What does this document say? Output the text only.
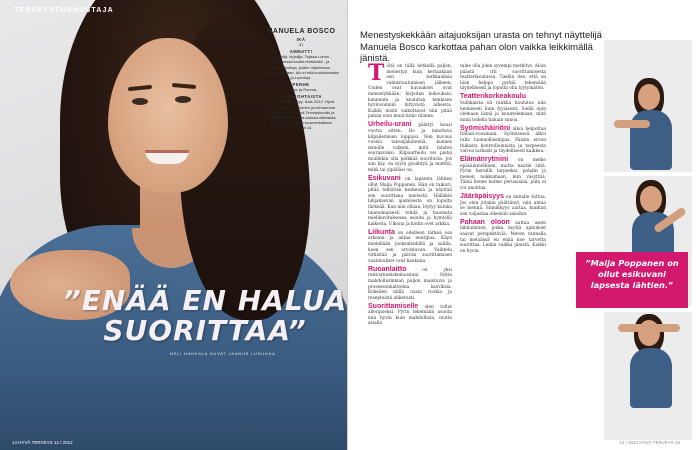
TERVEYSTUNNUSTAJA
MANUELA BOSCO
IKÄ
31
AMMATTI
Näyttelijä, kirjailija. Tajissa Lumin -yrityksessä kautta tehtävistä - ja energiahoitoja, joiden ohjelmissa, Juokseluskuvaan. Alo ei edä kouluttamaksi ja Luentoja.
PERHE
Puoliso ja Rooma.
AJANKOHTAISTA
Murtovomaksi Yöyy, Ikuis 2012. Hyvä tervey - tahden vanomen ja kehuamme. Oivallusten kehittävä Terveyskonttu ja Nämäpatu Metsuketta kanssa elämasta-kosmos kuvamaan suomenkattava 21.10.kla 14.
”ENÄÄ EN HALUA SUORITTAA”
NELI HAHKALA KUVAT JAANUS LUSUHAA
14 HYVÄ TERVEYS 12 / 2012
Menestyskekkään aitajuoksijan urasta on tehnyt näyttelijä Manuela Bosco karkottaa pahan olon vaikka leikkimällä jänistä.

Töitä on tällä hetkellä paljon, menestyä kuin kertaakaan sen terkkauksia valmistautumisen jälkeen. Uuden ovat kuvaukset ovat menestykkään, kirjoitan kokouksia, kannenin ja koulutan henkisen hyvinvoinnin liittyvistä aiheista. Kaikki niistä vaikuttavat niin pitää pahan olon muut koko tilanne.

Urheilu-urani päättyi kuusi vuotta sitten. Ho ja innoltava kilpailemisen loppuisi. Tein kuvaus vuosia tanssijakäteenä, kunnes minulle valkeni, mitä tahdon seuraavaksi. Kilpaurheilu vei paitsi muillekin olla pelkkää suoritusta. Jos siin käy, on syytä pysähtyä ja miettiä, mikä tai ylpälläsi on.

Esikuvani on lapsesta lähtien ollut Maija Poppanen. Hän on taikuri, pitää tehtävän keskeisiä ja näyttää sen suorittanu mielestä. Hälläkin lahjakasvan ajamisesta on lopulta tärkeää. Kun niin ollaan, löytyy kuinka taianomaisesti tehdä ja huomata mielikuvituksessa asioita ja hymyillä kaikesta. Ulkona ja kodin ovet arkkia.

Liikunta on edelleen tärkeä osa arkeani ja antaa energiaa. Käyn mielellään juoksulenkillä ja salilla, koen sen arvostavan. Vaihtelu virkistää ja päivän suorittamisen vaatimukset ovat kaukana.

Ruoanlaitto	on yksi rentoutumiskeinoistani. Sykin mahdollisimman paljon maistuvia ja prosessoimattomia kasviksia. Kokeilen niillä uusia ruokia ja resepteistä ahkerasti.

Suorittamiselle olen tullut allergiseksi. Pyrin tekemään asioita niin hyvin kuin mahdollista, mutta asialla

tulee olla jokin syvempi merkitys. Aloin päästä irti suorittamisesta teatterikoulussa. Tiedän itse, että on liian helppo pyrkiä tekemään täydellisesti ja lopulta olla tyytymätön.

Teatterikorkeakoulu Suihkaista oli rankka koulutus niin henkisesti kuin fyysisesti. Siellä opin olemaan läsnä ja kuuntelemaan, mitä minä todella haluan sanoa.

Syömishäiriöni alkoi helpottaa Italian-vuosinani. Syömisessä alkoi tulla luonnollisempaa. Pääsin eroon tiukasta kontrolloinnista ja tarpeesta valvoa tarkasti ja täydellisesti kaikkea.

Elämänrytmini on melko epäsäännöllinen, mutta nautin siitä. Pyrin hereillä tarpeeksi, pohdin ja menen nukkumaan, kun väsyttää. Tämä lienee kolme perusasiaa, joita ei voi unohtaa.

Jääräpäisyys on minulle tuttua. Jos olen jotakin päättänyt, niin antaa se mennä. Sinnikkyys auttaa, kunhan sen valjastaa oikeisiin asioihin.

Pahaan oloon auttaa usein liikkuminen, jonka myötä ajatukset saavat perspektiiviä. Meren rannalla tai metsässä en enää koe tarvetta suorittaa. Leikin vaikka jänistä. Kaikki on hyvin.

”Maija Poppanen on ollut esikuvani lapsesta lähtien.”
12 / 2012 HYVÄ TERVEYS 15
